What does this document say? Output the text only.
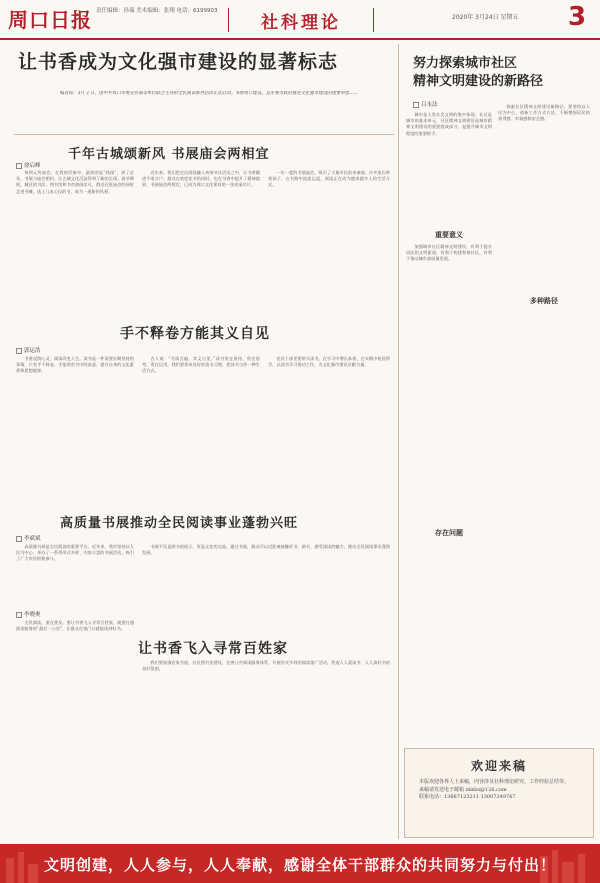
周口日报 责任编辑：孙瑞 美术编辑：张翔 电话：6199903
社科理论	2020年 3月24日 星期五 3
让书香成为文化强市建设的显著标志

编者按：3月 2 日，由中共周口市委宣传部等单位联合主办的全民阅读系列活动正式启动。书香周口建设，是市委市政府推进文化强市建设的重要举措……

千年古城颂新风 书展庙会两相宜
徐启峰

每到元宵庙会，在我的印象中，最浓的是“热闹”，到了近年，书展与庙会相约，让古城文化沉淀得到了新的呈现。春节期间，城区的书店、图书馆和书市热闹非凡，群众在逛庙会的同时走进书摊，选上几本心仪的书，成为一道新的风景。

近年来，我们把全民阅读融入传统节庆活动之中，让书香飘进千家万户。群众在欢度佳节的同时，也在书香中提升了精神境界，书展庙会两相宜，已成为周口文化建设的一张亮丽名片。

一年一度的书展庙会，吸引了大量市民前来参观。许多家长带着孩子，在书海中流连忘返，阅读正在成为越来越多人的生活方式。

手不释卷方能其义自见
郭运浩

书香浸润心灵，阅读改变人生。读书是一件需要长期坚持的事情，只有手不释卷，才能领会书中的真意，提升自身的文化素养和思想境界。

古人说：“书读百遍，其义自见。”读书贵在坚持，贵在思考，贵在运用。我们要养成良好的读书习惯，把读书当作一种生活方式。

党员干部更要带头读书，在学习中增长本领，在实践中检验所学，以读书学习推动工作，为文化强市建设贡献力量。

高质量书展推动全民阅读事业蓬勃兴旺
李斌斌

高质量书展是全民阅读的重要平台。近年来，我市坚持以人民为中心，举办了一系列形式多样、内容丰富的书展活动，吸引了广大市民积极参与。

书展不仅是图书的展示，更是文化的交流。通过书展，群众可以近距离接触好书、新书，感受阅读的魅力，推动全民阅读事业蓬勃发展。

李晓奥
让书香飞入寻常百姓家

全民阅读，重在普及。要让书香飞入寻常百姓家，就要打通阅读服务的“最后一公里”，让群众在家门口就能读到好书。

我们要加强农家书屋、社区图书室建设，完善公共阅读服务体系，开展形式多样的阅读推广活动，营造人人爱读书、人人读好书的良好氛围。

努力探索城市社区
精神文明建设的新路径
吕永法

城市是人类社会文明的集中体现。社区是城市的基本单元，社区精神文明建设是城市精神文明建设的重要组成部分，是提升城市文明程度的重要抓手。

重要意义

加强城市社区精神文明建设，有利于提升居民的文明素质，有利于构建和谐社区，有利于推动城市高质量发展。

多种路径

探索社区精神文明建设新路径，要坚持以人民为中心，创新工作方式方法，不断增强居民的获得感、幸福感和安全感。

存在问题
欢迎来稿
本版欢迎各界人士来稿，内容涉及社科理论研究、工作经验总结等。
来稿请发送电子邮箱 zkkbs@126.com
联系电话：13667123211 13007249767
文明创建，人人参与，人人奉献，感谢全体干部群众的共同努力与付出！
